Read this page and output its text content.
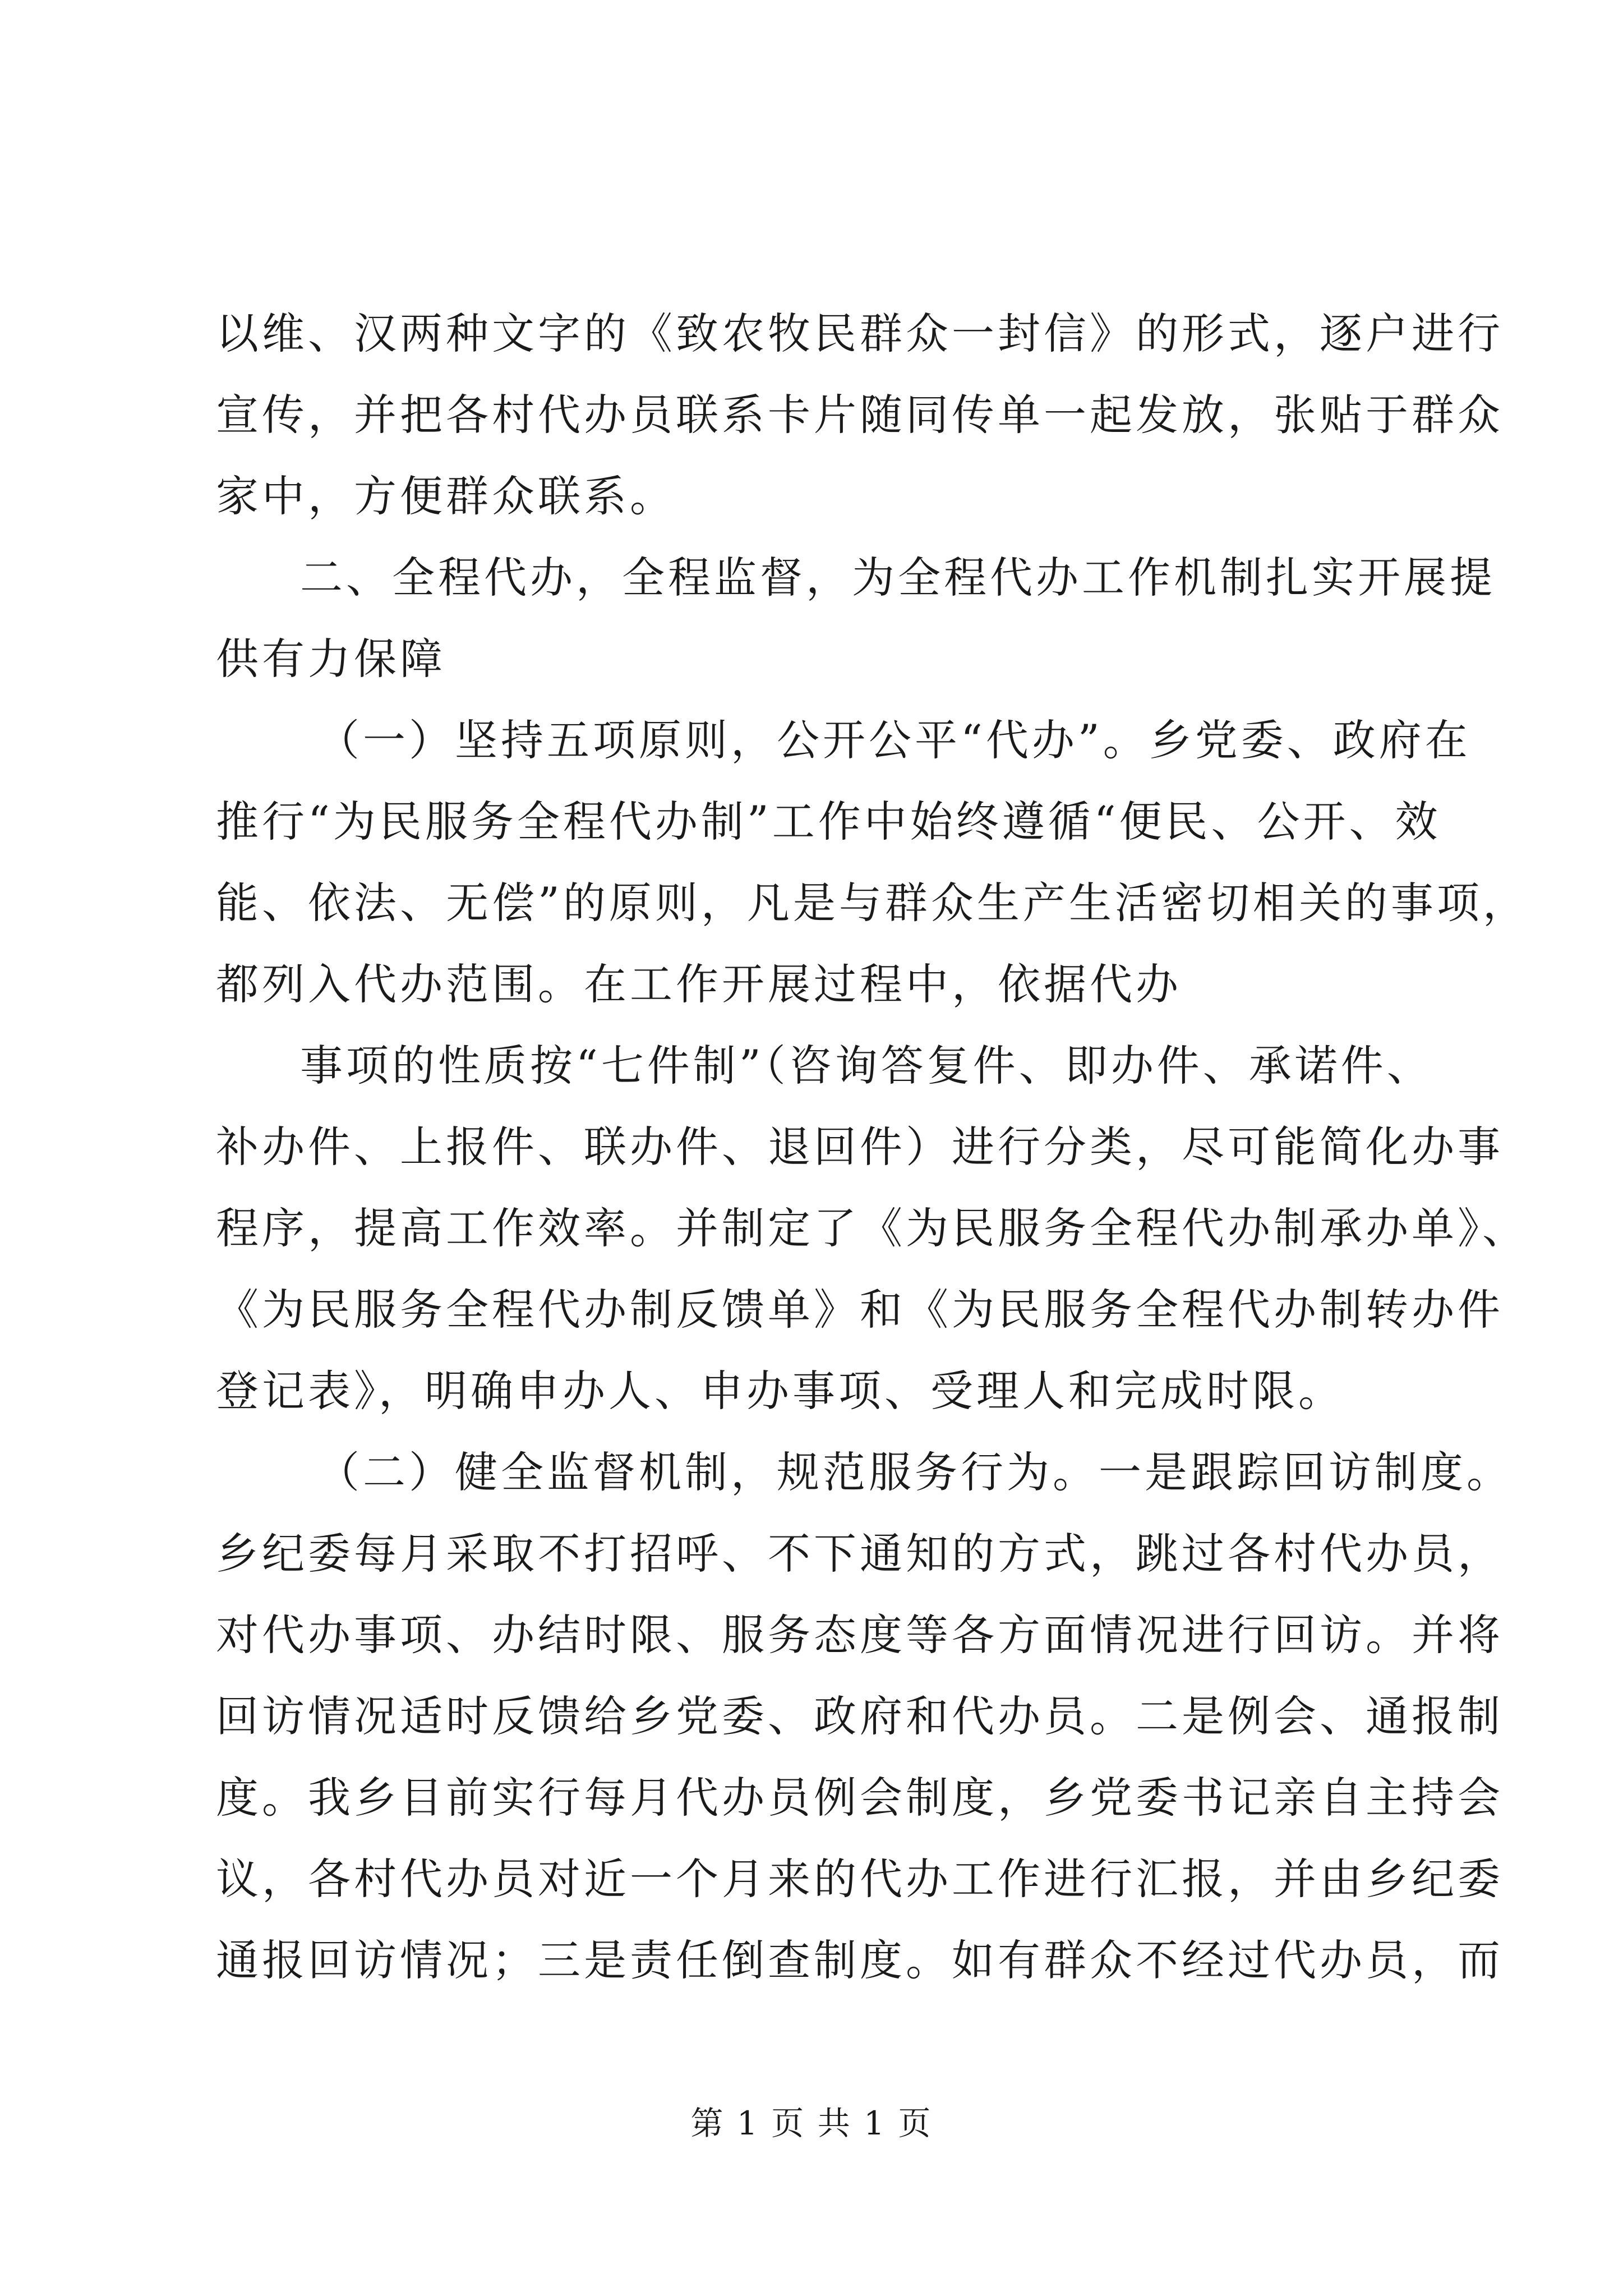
以维、汉两种文字的《致农牧民群众一封信》的形式，逐户进行
宣传，并把各村代办员联系卡片随同传单一起发放，张贴于群众
家中，方便群众联系。
二、全程代办，全程监督，为全程代办工作机制扎实开展提
供有力保障
（一）坚持五项原则，公开公平“代办”。乡党委、政府在
推行“为民服务全程代办制”工作中始终遵循“便民、公开、效
能、依法、无偿”的原则，凡是与群众生产生活密切相关的事项，
都列入代办范围。在工作开展过程中，依据代办
事项的性质按“七件制”（咨询答复件、即办件、承诺件、
补办件、上报件、联办件、退回件）进行分类，尽可能简化办事
程序，提高工作效率。并制定了《为民服务全程代办制承办单》、
《为民服务全程代办制反馈单》和《为民服务全程代办制转办件
登记表》，明确申办人、申办事项、受理人和完成时限。
（二）健全监督机制，规范服务行为。一是跟踪回访制度。
乡纪委每月采取不打招呼、不下通知的方式，跳过各村代办员，
对代办事项、办结时限、服务态度等各方面情况进行回访。并将
回访情况适时反馈给乡党委、政府和代办员。二是例会、通报制
度。我乡目前实行每月代办员例会制度，乡党委书记亲自主持会
议，各村代办员对近一个月来的代办工作进行汇报，并由乡纪委
通报回访情况；三是责任倒查制度。如有群众不经过代办员，而
第 1 页 共 1 页
